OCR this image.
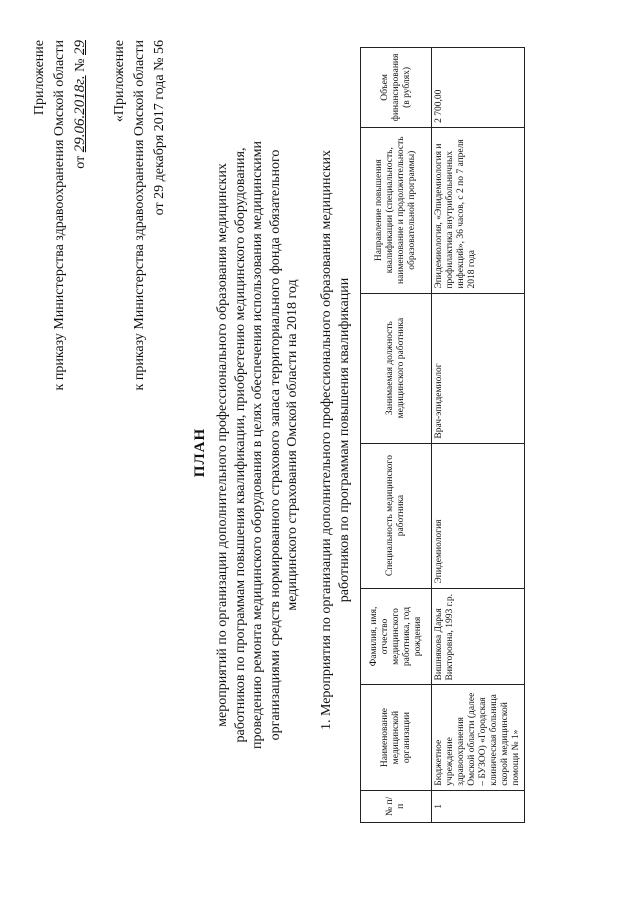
Приложение к приказу Министерства здравоохранения Омской области от 29.06.2018г. № 29 «Приложение к приказу Министерства здравоохранения Омской области от 29 декабря 2017 года № 56
ПЛАН мероприятий по организации дополнительного профессионального образования медицинских работников по программам повышения квалификации, приобретению медицинского оборудования, проведению ремонта медицинского оборудования в целях обеспечения использования медицинскими организациями средств нормированного страхового запаса территориального фонда обязательного медицинского страхования Омской области на 2018 год 1. Мероприятия по организации дополнительного профессионального образования медицинских работников по программам повышения квалификации
№ п/п	Наименование медицинской организации	Фамилия, имя, отчество медицинского работника, год рождения	Специальность медицинского работника	Занимаемая должность медицинского работника	Направление повышения квалификации (специальность, наименование и продолжительность образовательной программы)	Объем финансирования (в рублях)
1	Бюджетное учреждение здравоохранения Омской области (далее – БУЗОО) «Городская клиническая больница скорой медицинской помощи № 1»	Вишнякова Дарья Викторовна, 1993 г.р.	Эпидемиология	Врач-эпидемиолог	Эпидемиология, «Эпидемиология и профилактика внутрибольничных инфекций», 36 часов, с 2 по 7 апреля 2018 года	2 700,00
